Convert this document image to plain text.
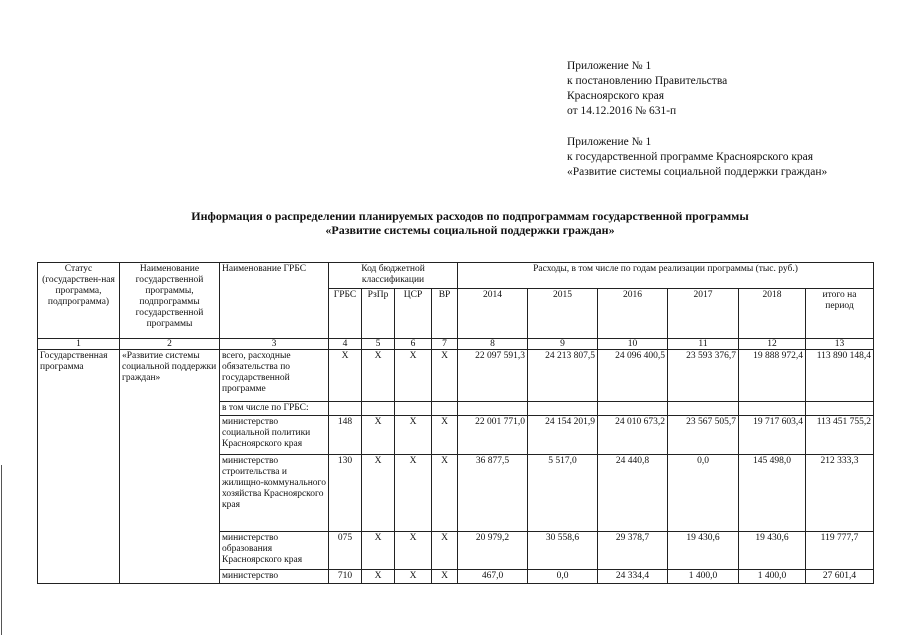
Приложение № 1
к постановлению Правительства
Красноярского края
от 14.12.2016 № 631-п
Приложение № 1
к государственной программе Красноярского края
«Развитие системы социальной поддержки граждан»
Информация о распределении планируемых расходов по подпрограммам государственной программы
«Развитие системы социальной поддержки граждан»
Статус (государствен-ная программа, подпрограмма)	Наименование государственной программы, подпрограммы государственной программы	Наименование ГРБС	Код бюджетной классификации				Расходы, в том числе по годам реализации программы (тыс. руб.)					
			ГРБС	РзПр	ЦСР	ВР	2014	2015	2016	2017	2018	итого на период
1	2	3	4	5	6	7	8	9	10	11	12	13
Государственная программа	«Развитие системы социальной поддержки граждан»	всего, расходные обязательства по государственной программе	X	X	X	X	22 097 591,3	24 213 807,5	24 096 400,5	23 593 376,7	19 888 972,4	113 890 148,4
		в том числе по ГРБС:										
		министерство социальной политики Красноярского края	148	X	X	X	22 001 771,0	24 154 201,9	24 010 673,2	23 567 505,7	19 717 603,4	113 451 755,2
		министерство строительства и жилищно-коммунального хозяйства Красноярского края	130	X	X	X	36 877,5	5 517,0	24 440,8	0,0	145 498,0	212 333,3
		министерство образования Красноярского края	075	X	X	X	20 979,2	30 558,6	29 378,7	19 430,6	19 430,6	119 777,7
		министерство	710	X	X	X	467,0	0,0	24 334,4	1 400,0	1 400,0	27 601,4
